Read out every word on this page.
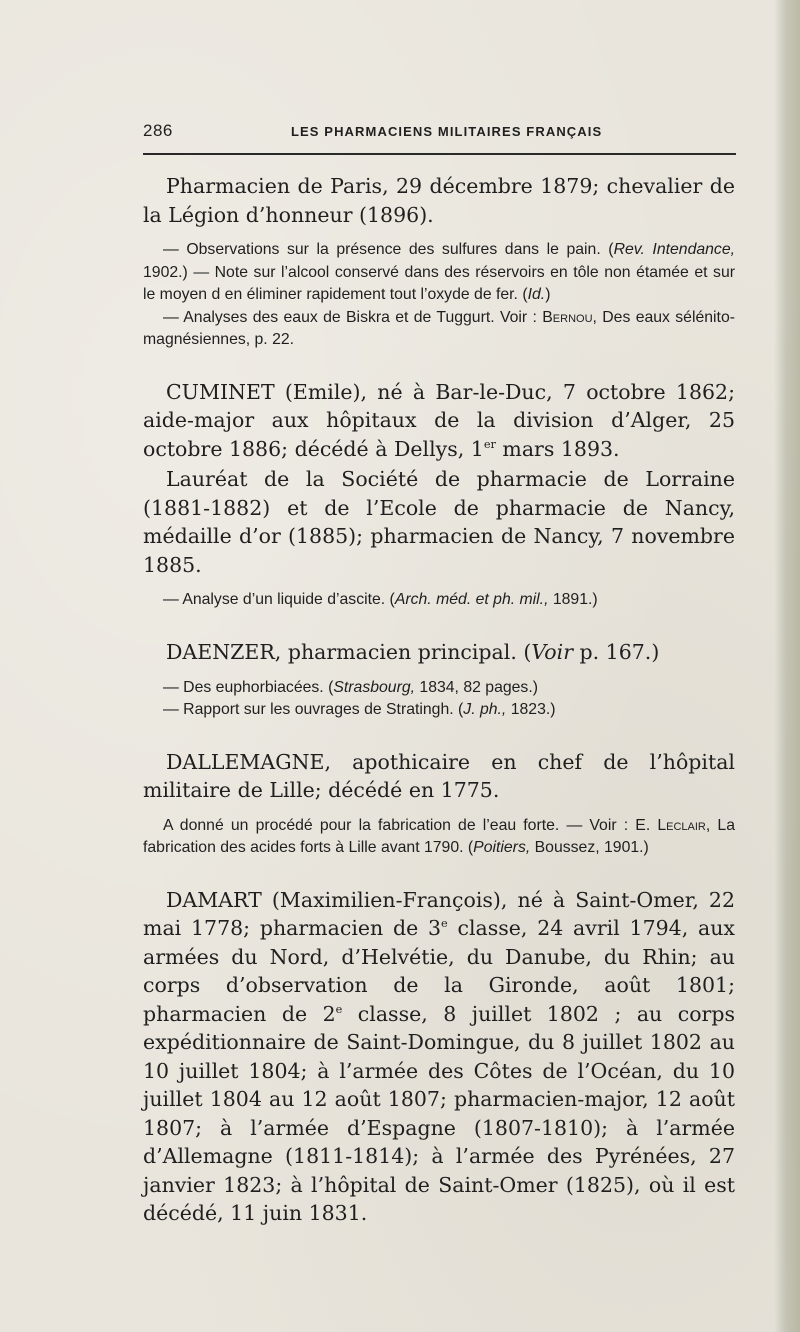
286	LES PHARMACIENS MILITAIRES FRANÇAIS

Pharmacien de Paris, 29 décembre 1879; chevalier de la Légion d’honneur (1896).

— Observations sur la présence des sulfures dans le pain. (Rev. Intendance, 1902.) — Note sur l’alcool conservé dans des réservoirs en tôle non étamée et sur le moyen d en éliminer rapidement tout l’oxyde de fer. (Id.)

— Analyses des eaux de Biskra et de Tuggurt. Voir : Bernou, Des eaux sélénito-magnésiennes, p. 22.

CUMINET (Emile), né à Bar-le-Duc, 7 octobre 1862; aide-major aux hôpitaux de la division d’Alger, 25 octobre 1886; décédé à Dellys, 1er mars 1893.

Lauréat de la Société de pharmacie de Lorraine (1881-1882) et de l’Ecole de pharmacie de Nancy, médaille d’or (1885); pharmacien de Nancy, 7 novembre 1885.

— Analyse d’un liquide d’ascite. (Arch. méd. et ph. mil., 1891.)

DAENZER, pharmacien principal. (Voir p. 167.)

— Des euphorbiacées. (Strasbourg, 1834, 82 pages.)

— Rapport sur les ouvrages de Stratingh. (J. ph., 1823.)

DALLEMAGNE, apothicaire en chef de l’hôpital militaire de Lille; décédé en 1775.

A donné un procédé pour la fabrication de l’eau forte. — Voir : E. Leclair, La fabrication des acides forts à Lille avant 1790. (Poitiers, Boussez, 1901.)

DAMART (Maximilien-François), né à Saint-Omer, 22 mai 1778; pharmacien de 3e classe, 24 avril 1794, aux armées du Nord, d’Helvétie, du Danube, du Rhin; au corps d’observation de la Gironde, août 1801; pharmacien de 2e classe, 8 juillet 1802 ; au corps expéditionnaire de Saint-Domingue, du 8 juillet 1802 au 10 juillet 1804; à l’armée des Côtes de l’Océan, du 10 juillet 1804 au 12 août 1807; pharmacien-major, 12 août 1807; à l’armée d’Espagne (1807-1810); à l’armée d’Allemagne (1811-1814); à l’armée des Pyrénées, 27 janvier 1823; à l’hôpital de Saint-Omer (1825), où il est décédé, 11 juin 1831.
